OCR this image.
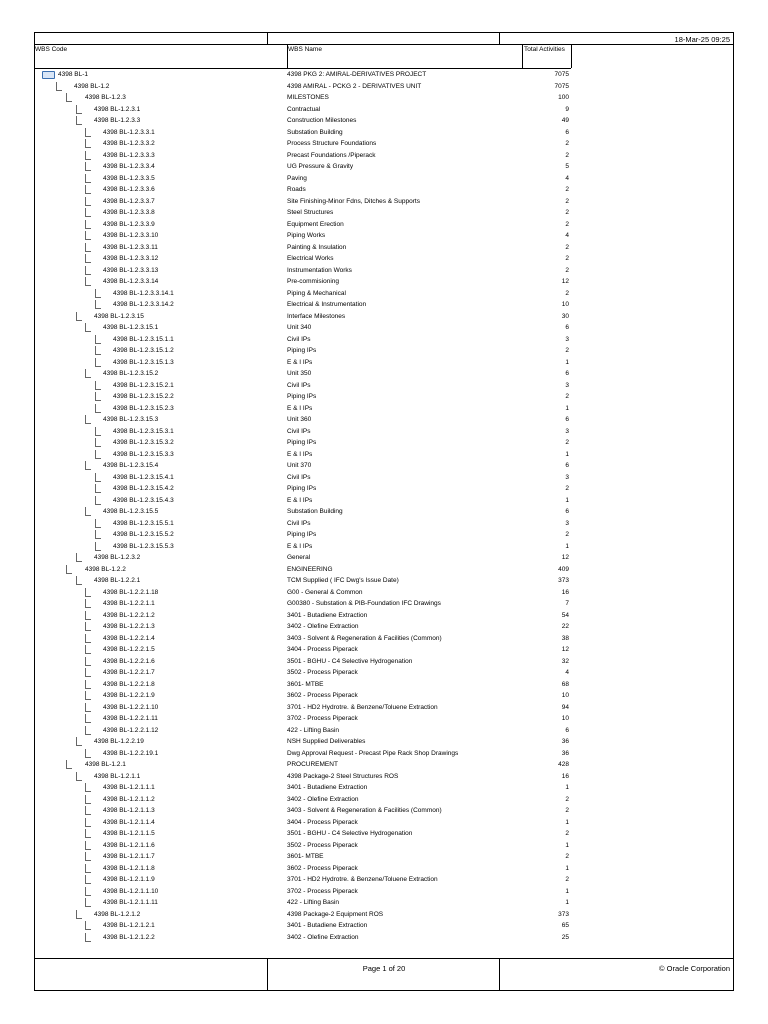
18-Mar-25 09:25
WBS Code	WBS Name	Total Activities
4398 BL-1	4398 PKG 2: AMIRAL-DERIVATIVES PROJECT	7075
4398 BL-1.2	4398 AMIRAL - PCKG 2 - DERIVATIVES UNIT	7075
4398 BL-1.2.3	MILESTONES	100
4398 BL-1.2.3.1	Contractual	9
4398 BL-1.2.3.3	Construction Milestones	49
4398 BL-1.2.3.3.1	Substation Building	6
4398 BL-1.2.3.3.2	Process Structure Foundations	2
4398 BL-1.2.3.3.3	Precast Foundations /Piperack	2
4398 BL-1.2.3.3.4	UG Pressure & Gravity	5
4398 BL-1.2.3.3.5	Paving	4
4398 BL-1.2.3.3.6	Roads	2
4398 BL-1.2.3.3.7	Site Finishing-Minor Fdns, Ditches & Supports	2
4398 BL-1.2.3.3.8	Steel Structures	2
4398 BL-1.2.3.3.9	Equipment Erection	2
4398 BL-1.2.3.3.10	Piping Works	4
4398 BL-1.2.3.3.11	Painting & Insulation	2
4398 BL-1.2.3.3.12	Electrical Works	2
4398 BL-1.2.3.3.13	Instrumentation Works	2
4398 BL-1.2.3.3.14	Pre-commisioning	12
4398 BL-1.2.3.3.14.1	Piping & Mechanical	2
4398 BL-1.2.3.3.14.2	Electrical & Instrumentation	10
4398 BL-1.2.3.15	Interface Milestones	30
4398 BL-1.2.3.15.1	Unit 340	6
4398 BL-1.2.3.15.1.1	Civil IPs	3
4398 BL-1.2.3.15.1.2	Piping IPs	2
4398 BL-1.2.3.15.1.3	E & I IPs	1
4398 BL-1.2.3.15.2	Unit 350	6
4398 BL-1.2.3.15.2.1	Civil IPs	3
4398 BL-1.2.3.15.2.2	Piping IPs	2
4398 BL-1.2.3.15.2.3	E & I IPs	1
4398 BL-1.2.3.15.3	Unit 360	6
4398 BL-1.2.3.15.3.1	Civil IPs	3
4398 BL-1.2.3.15.3.2	Piping IPs	2
4398 BL-1.2.3.15.3.3	E & I IPs	1
4398 BL-1.2.3.15.4	Unit 370	6
4398 BL-1.2.3.15.4.1	Civil IPs	3
4398 BL-1.2.3.15.4.2	Piping IPs	2
4398 BL-1.2.3.15.4.3	E & I IPs	1
4398 BL-1.2.3.15.5	Substation Building	6
4398 BL-1.2.3.15.5.1	Civil IPs	3
4398 BL-1.2.3.15.5.2	Piping IPs	2
4398 BL-1.2.3.15.5.3	E & I IPs	1
4398 BL-1.2.3.2	General	12
4398 BL-1.2.2	ENGINEERING	409
4398 BL-1.2.2.1	TCM Supplied ( IFC Dwg's Issue Date)	373
4398 BL-1.2.2.1.18	G00 - General & Common	16
4398 BL-1.2.2.1.1	G00380 - Substation & PIB-Foundation IFC Drawings	7
4398 BL-1.2.2.1.2	3401 - Butadiene Extraction	54
4398 BL-1.2.2.1.3	3402 - Olefine Extraction	22
4398 BL-1.2.2.1.4	3403 - Solvent & Regeneration & Facilities (Common)	38
4398 BL-1.2.2.1.5	3404 - Process Piperack	12
4398 BL-1.2.2.1.6	3501 - BGHU - C4 Selective Hydrogenation	32
4398 BL-1.2.2.1.7	3502 - Process Piperack	4
4398 BL-1.2.2.1.8	3601- MTBE	68
4398 BL-1.2.2.1.9	3602 - Process Piperack	10
4398 BL-1.2.2.1.10	3701 - HD2 Hydrotre. & Benzene/Toluene Extraction	94
4398 BL-1.2.2.1.11	3702 - Process Piperack	10
4398 BL-1.2.2.1.12	422 - Lifting Basin	6
4398 BL-1.2.2.19	NSH Supplied Deliverables	36
4398 BL-1.2.2.19.1	Dwg Approval Request - Precast Pipe Rack Shop Drawings	36
4398 BL-1.2.1	PROCUREMENT	428
4398 BL-1.2.1.1	4398 Package-2 Steel Structures ROS	16
4398 BL-1.2.1.1.1	3401 - Butadiene Extraction	1
4398 BL-1.2.1.1.2	3402 - Olefine Extraction	2
4398 BL-1.2.1.1.3	3403 - Solvent & Regeneration & Facilities (Common)	2
4398 BL-1.2.1.1.4	3404 - Process Piperack	1
4398 BL-1.2.1.1.5	3501 - BGHU - C4 Selective Hydrogenation	2
4398 BL-1.2.1.1.6	3502 - Process Piperack	1
4398 BL-1.2.1.1.7	3601- MTBE	2
4398 BL-1.2.1.1.8	3602 - Process Piperack	1
4398 BL-1.2.1.1.9	3701 - HD2 Hydrotre. & Benzene/Toluene Extraction	2
4398 BL-1.2.1.1.10	3702 - Process Piperack	1
4398 BL-1.2.1.1.11	422 - Lifting Basin	1
4398 BL-1.2.1.2	4398 Package-2 Equipment ROS	373
4398 BL-1.2.1.2.1	3401 - Butadiene Extraction	65
4398 BL-1.2.1.2.2	3402 - Olefine Extraction	25
Page 1 of 20	© Oracle Corporation
